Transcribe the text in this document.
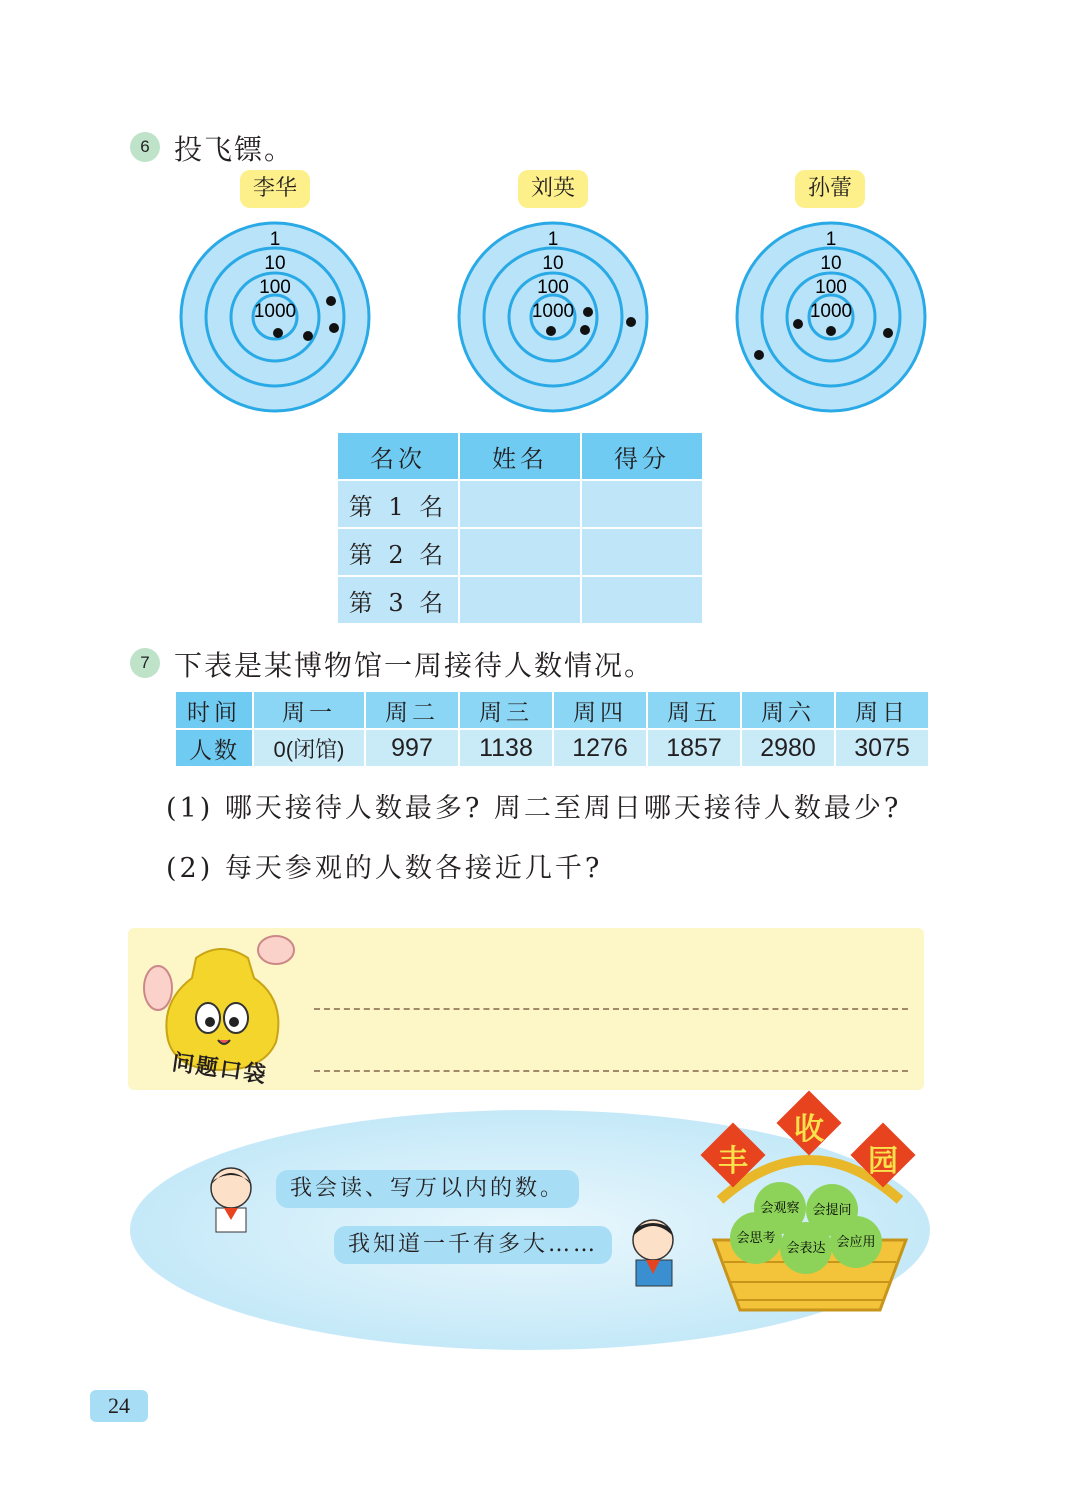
6 投飞镖。
李华	刘英	孙蕾
1
10
100
1000
1
10
100
1000
1
10
100
1000
名次	姓名	得分
第 1 名		
第 2 名		
第 3 名		
7 下表是某博物馆一周接待人数情况。
时间	周一	周二	周三	周四	周五	周六	周日
人数	0(闭馆)	997	1138	1276	1857	2980	3075
(1) 哪天接待人数最多? 周二至周日哪天接待人数最少?
(2) 每天参观的人数各接近几千?
问题口袋
我会读、写万以内的数。
我知道一千有多大……
会观察 会提问
会思考
会表达 会应用
丰
收
园
24
